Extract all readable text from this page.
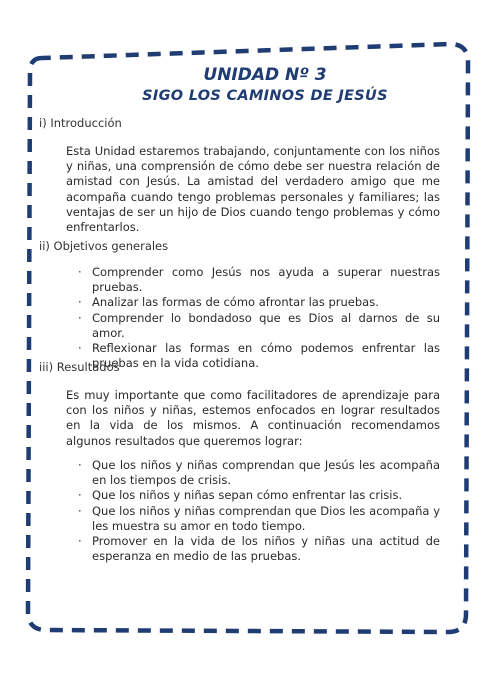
UNIDAD Nº 3
SIGO LOS CAMINOS DE JESÚS
i) Introducción
Esta Unidad estaremos trabajando, conjuntamente con los niños y niñas, una comprensión de cómo debe ser nuestra relación de amistad con Jesús. La amistad del verdadero amigo que me acompaña cuando tengo problemas personales y familiares; las ventajas de ser un hijo de Dios cuando tengo problemas y cómo enfrentarlos.
ii) Objetivos generales
· Comprender como Jesús nos ayuda a superar nuestras pruebas.
· Analizar las formas de cómo afrontar las pruebas.
· Comprender lo bondadoso que es Dios al darnos de su amor.
· Reflexionar las formas en cómo podemos enfrentar las pruebas en la vida cotidiana.
iii) Resultados
Es muy importante que como facilitadores de aprendizaje para con los niños y niñas, estemos enfocados en lograr resultados en la vida de los mismos. A continuación recomendamos algunos resultados que queremos lograr:
· Que los niños y niñas comprendan que Jesús les acompaña en los tiempos de crisis.
· Que los niños y niñas sepan cómo enfrentar las crisis.
· Que los niños y niñas comprendan que Dios les acompaña y les muestra su amor en todo tiempo.
· Promover en la vida de los niños y niñas una actitud de esperanza en medio de las pruebas.
